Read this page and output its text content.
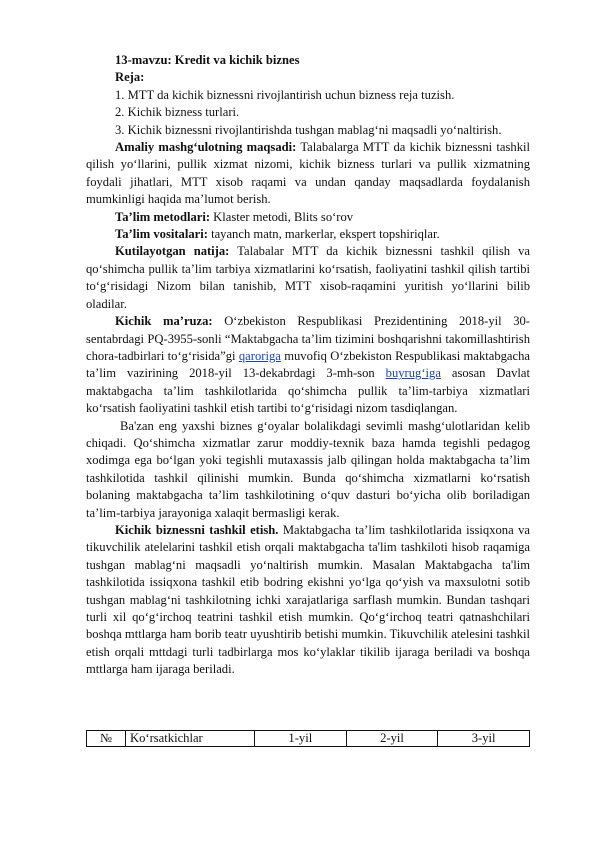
13-mavzu: Kredit va kichik biznes

Reja:

1. MTT da kichik biznessni rivojlantirish uchun bizness reja tuzish.

2. Kichik bizness turlari.

3. Kichik biznessni rivojlantirishda tushgan mablag‘ni maqsadli yo‘naltirish.

Amaliy mashg‘ulotning maqsadi: Talabalarga MTT da kichik biznessni tashkil qilish yo‘llarini, pullik xizmat nizomi, kichik bizness turlari va pullik xizmatning foydali jihatlari, MTT xisob raqami va undan qanday maqsadlarda foydalanish mumkinligi haqida ma’lumot berish.

Ta’lim metodlari: Klaster metodi, Blits so‘rov

Ta’lim vositalari: tayanch matn, markerlar, ekspert topshiriqlar.

Kutilayotgan natija: Talabalar MTT da kichik biznessni tashkil qilish va qo‘shimcha pullik ta’lim tarbiya xizmatlarini ko‘rsatish, faoliyatini tashkil qilish tartibi to‘g‘risidagi Nizom bilan tanishib, MTT xisob-raqamini yuritish yo‘llarini bilib oladilar.

Kichik ma’ruza: O‘zbekiston Respublikasi Prezidentining 2018-yil 30-sentabrdagi PQ-3955-sonli “Maktabgacha ta’lim tizimini boshqarishni takomillashtirish chora-tadbirlari to‘g‘risida”gi qaroriga muvofiq O‘zbekiston Respublikasi maktabgacha ta’lim vazirining 2018-yil 13-dekabrdagi 3-mh-son buyrug‘iga asosan Davlat maktabgacha ta’lim tashkilotlarida qo‘shimcha pullik ta’lim-tarbiya xizmatlari ko‘rsatish faoliyatini tashkil etish tartibi to‘g‘risidagi nizom tasdiqlangan.

Ba'zan eng yaxshi biznes g‘oyalar bolalikdagi sevimli mashg‘ulotlaridan kelib chiqadi. Qo‘shimcha xizmatlar zarur moddiy-texnik baza hamda tegishli pedagog xodimga ega bo‘lgan yoki tegishli mutaxassis jalb qilingan holda maktabgacha ta’lim tashkilotida tashkil qilinishi mumkin. Bunda qo‘shimcha xizmatlarni ko‘rsatish bolaning maktabgacha ta’lim tashkilotining o‘quv dasturi bo‘yicha olib boriladigan ta’lim-tarbiya jarayoniga xalaqit bermasligi kerak.

Kichik biznessni tashkil etish. Maktabgacha ta’lim tashkilotlarida issiqxona va tikuvchilik atelelarini tashkil etish orqali maktabgacha ta'lim tashkiloti hisob raqamiga tushgan mablag‘ni maqsadli yo‘naltirish mumkin. Masalan Maktabgacha ta'lim tashkilotida issiqxona tashkil etib bodring ekishni yo‘lga qo‘yish va maxsulotni sotib tushgan mablag‘ni tashkilotning ichki xarajatlariga sarflash mumkin. Bundan tashqari turli xil qo‘g‘irchoq teatrini tashkil etish mumkin. Qo‘g‘irchoq teatri qatnashchilari boshqa mttlarga ham borib teatr uyushtirib betishi mumkin. Tikuvchilik atelesini tashkil etish orqali mttdagi turli tadbirlarga mos ko‘ylaklar tikilib ijaraga beriladi va boshqa mttlarga ham ijaraga beriladi.

№	Ko‘rsatkichlar	1-yil	2-yil	3-yil
